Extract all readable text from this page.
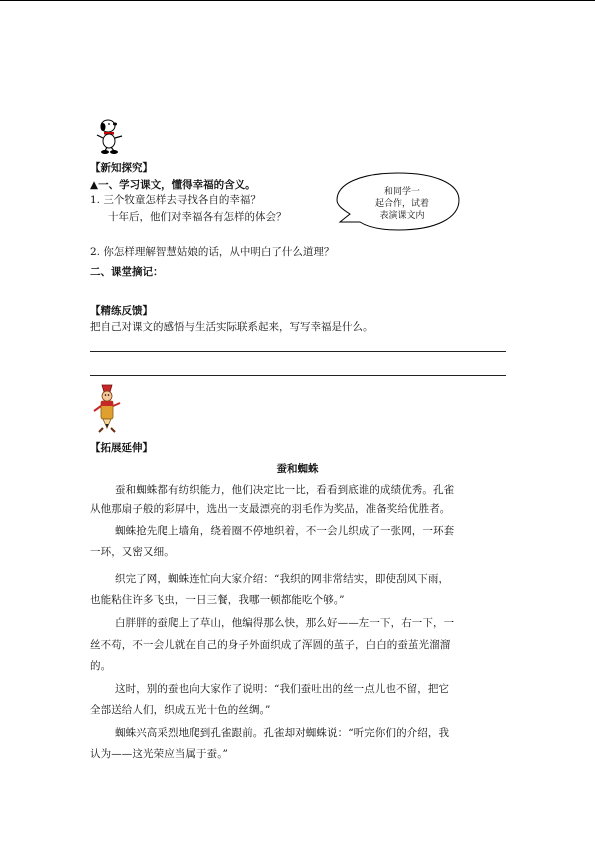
【新知探究】
▲一、学习课文，懂得幸福的含义。
1. 三个牧童怎样去寻找各自的幸福？
十年后，他们对幸福各有怎样的体会？
和同学一
起合作，试着
表演课文内
2. 你怎样理解智慧姑娘的话，从中明白了什么道理？
二、课堂摘记：
【精练反馈】
把自己对课文的感悟与生活实际联系起来，写写幸福是什么。
【拓展延伸】
蚕和蜘蛛
蚕和蜘蛛都有纺织能力，他们决定比一比，看看到底谁的成绩优秀。孔雀
从他那扇子般的彩屏中，选出一支最漂亮的羽毛作为奖品，准备奖给优胜者。
蜘蛛抢先爬上墙角，绕着圈不停地织着，不一会儿织成了一张网，一环套
一环，又密又细。
织完了网，蜘蛛连忙向大家介绍：“我织的网非常结实，即使刮风下雨，
也能粘住许多飞虫，一日三餐，我哪一顿都能吃个够。”
白胖胖的蚕爬上了草山，他编得那么快，那么好——左一下，右一下，一
丝不苟，不一会儿就在自己的身子外面织成了浑圆的茧子，白白的蚕茧光溜溜
的。
这时，别的蚕也向大家作了说明：“我们蚕吐出的丝一点儿也不留，把它
全部送给人们，织成五光十色的丝绸。”
蜘蛛兴高采烈地爬到孔雀跟前。孔雀却对蜘蛛说：“听完你们的介绍，我
认为——这光荣应当属于蚕。”
